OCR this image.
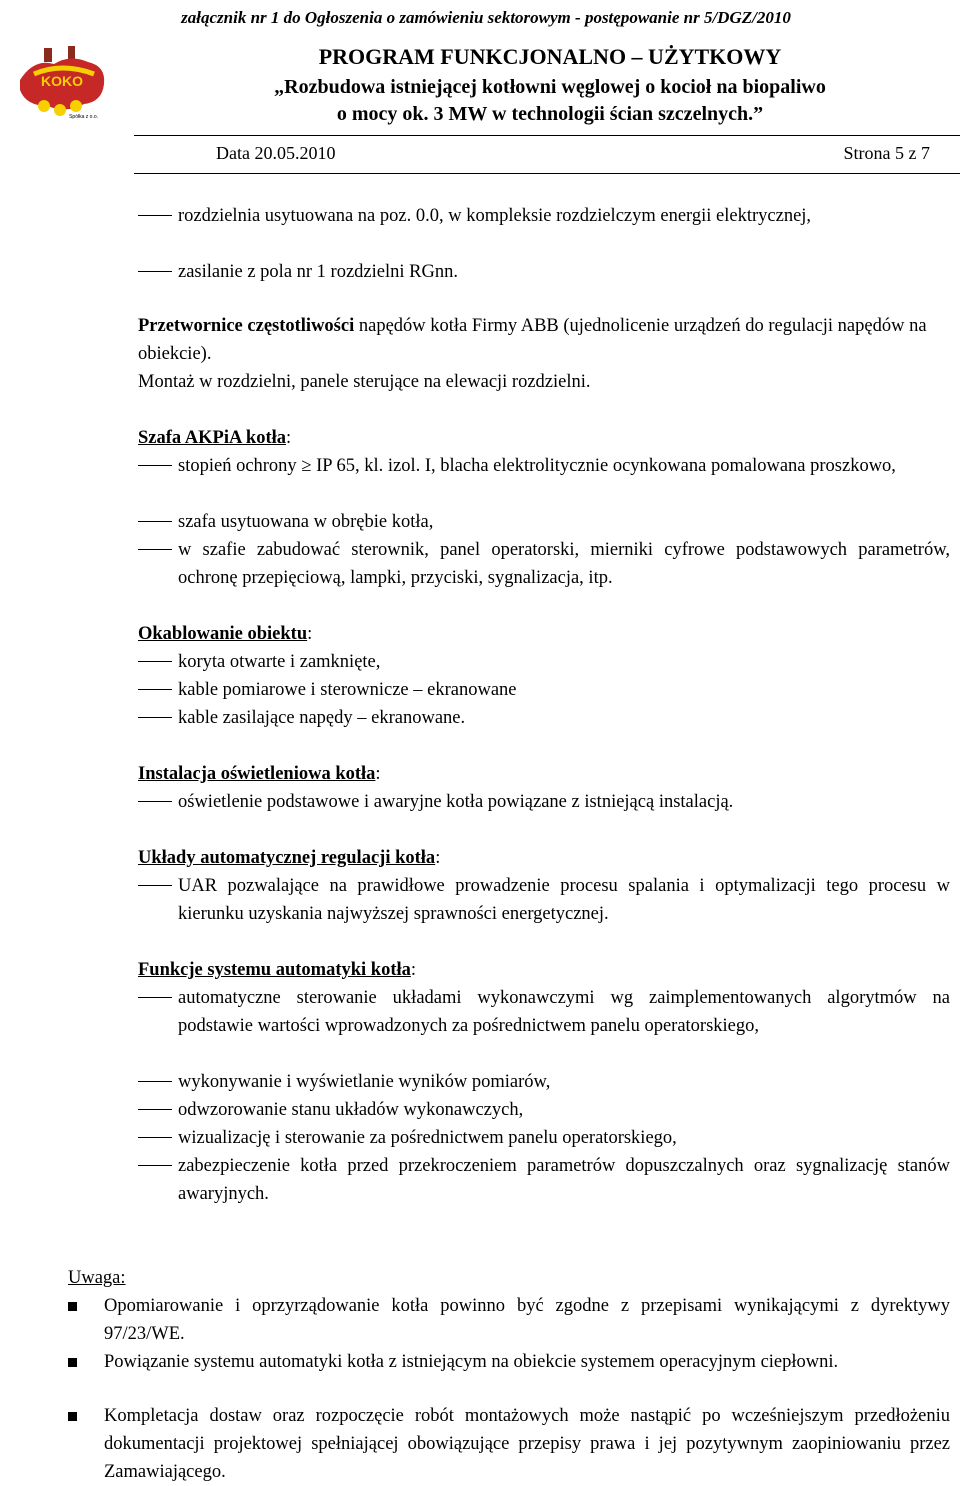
załącznik nr 1 do Ogłoszenia o zamówieniu sektorowym - postępowanie nr 5/DGZ/2010
KOKO
Spółka z o.o.
PROGRAM FUNKCJONALNO – UŻYTKOWY
„Rozbudowa istniejącej kotłowni węglowej o kocioł na biopaliwo
o mocy ok. 3 MW w technologii ścian szczelnych.”
Data 20.05.2010	Strona 5 z 7
rozdzielnia usytuowana na poz. 0.0, w kompleksie rozdzielczym energii elektrycznej,
zasilanie z pola nr 1 rozdzielni RGnn.
Przetwornice częstotliwości napędów kotła Firmy ABB (ujednolicenie urządzeń do regulacji napędów na obiekcie).
Montaż w rozdzielni, panele sterujące na elewacji rozdzielni.
Szafa AKPiA kotła:
stopień ochrony ≥ IP 65, kl. izol. I, blacha elektrolitycznie ocynkowana pomalowana proszkowo,
szafa usytuowana w obrębie kotła,
w szafie zabudować sterownik, panel operatorski, mierniki cyfrowe podstawowych parametrów, ochronę przepięciową, lampki, przyciski, sygnalizacja, itp.
Okablowanie obiektu:
koryta otwarte i zamknięte,
kable pomiarowe i sterownicze – ekranowane
kable zasilające napędy – ekranowane.
Instalacja oświetleniowa kotła:
oświetlenie podstawowe i awaryjne kotła powiązane z istniejącą instalacją.
Układy automatycznej regulacji kotła:
UAR pozwalające na prawidłowe prowadzenie procesu spalania i optymalizacji tego procesu w kierunku uzyskania najwyższej sprawności energetycznej.
Funkcje systemu automatyki kotła:
automatyczne sterowanie układami wykonawczymi wg zaimplementowanych algorytmów na podstawie wartości wprowadzonych za pośrednictwem panelu operatorskiego,
wykonywanie i wyświetlanie wyników pomiarów,
odwzorowanie stanu układów wykonawczych,
wizualizację i sterowanie za pośrednictwem panelu operatorskiego,
zabezpieczenie kotła przed przekroczeniem parametrów dopuszczalnych oraz sygnalizację stanów awaryjnych.
Uwaga:
Opomiarowanie i oprzyrządowanie kotła powinno być zgodne z przepisami wynikającymi z dyrektywy 97/23/WE.
Powiązanie systemu automatyki kotła z istniejącym na obiekcie systemem operacyjnym ciepłowni.
Kompletacja dostaw oraz rozpoczęcie robót montażowych może nastąpić po wcześniejszym przedłożeniu dokumentacji projektowej spełniającej obowiązujące przepisy prawa i jej pozytywnym zaopiniowaniu przez Zamawiającego.
